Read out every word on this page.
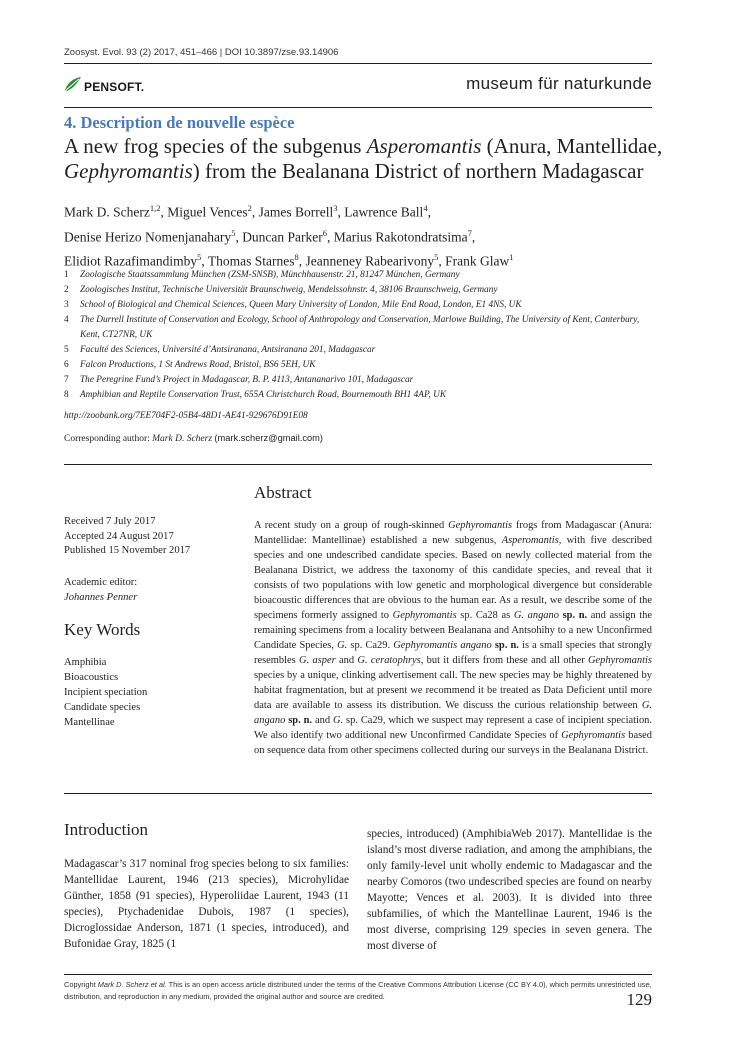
Zoosyst. Evol. 93 (2) 2017, 451–466 | DOI 10.3897/zse.93.14906
PENSOFT.	museum für naturkunde
4. Description de nouvelle espèce
A new frog species of the subgenus Asperomantis (Anura, Mantellidae,
Gephyromantis) from the Bealanana District of northern Madagascar
Mark D. Scherz$^{1,2}$, Miguel Vences$^2$, James Borrell$^3$, Lawrence Ball$^4$,
Denise Herizo Nomenjanahary$^5$, Duncan Parker$^6$, Marius Rakotondratsima$^7$,
Elidiot Razafimandimby$^5$, Thomas Starnes$^8$, Jeanneney Rabearivony$^5$, Frank Glaw$^1$
1	Zoologische Staatssammlung München (ZSM-SNSB), Münchhausenstr. 21, 81247 München, Germany
2	Zoologisches Institut, Technische Universität Braunschweig, Mendelssohnstr. 4, 38106 Braunschweig, Germany
3	School of Biological and Chemical Sciences, Queen Mary University of London, Mile End Road, London, E1 4NS, UK
4	The Durrell Institute of Conservation and Ecology, School of Anthropology and Conservation, Marlowe Building, The University of Kent, Canterbury, Kent, CT27NR, UK
5	Faculté des Sciences, Université d’Antsiranana, Antsiranana 201, Madagascar
6	Falcon Productions, 1 St Andrews Road, Bristol, BS6 5EH, UK
7	The Peregrine Fund’s Project in Madagascar, B. P. 4113, Antananarivo 101, Madagascar
8	Amphibian and Reptile Conservation Trust, 655A Christchurch Road, Bournemouth BH1 4AP, UK
http://zoobank.org/7EE704F2-05B4-48D1-AE41-929676D91E08
Corresponding author: Mark D. Scherz (mark.scherz@gmail.com)
Abstract
A recent study on a group of rough-skinned Gephyromantis frogs from Madagascar (Anura: Mantellidae: Mantellinae) established a new subgenus, Asperomantis, with five described species and one undescribed candidate species. Based on newly collected material from the Bealanana District, we address the taxonomy of this candidate species, and reveal that it consists of two populations with low genetic and morphological divergence but considerable bioacoustic differences that are obvious to the human ear. As a result, we describe some of the specimens formerly assigned to Gephyromantis sp. Ca28 as G. angano sp. n. and assign the remaining specimens from a locality between Bealanana and Antsohihy to a new Unconfirmed Candidate Species, G. sp. Ca29. Gephyromantis angano sp. n. is a small species that strongly resembles G. asper and G. ceratophrys, but it differs from these and all other Gephyromantis species by a unique, clinking advertisement call. The new species may be highly threatened by habitat fragmentation, but at present we recommend it be treated as Data Deficient until more data are available to assess its distribution. We discuss the curious relationship between G. angano sp. n. and G. sp. Ca29, which we suspect may represent a case of incipient speciation. We also identify two additional new Unconfirmed Candidate Species of Gephyromantis based on sequence data from other specimens collected during our surveys in the Bealanana District.
Received 7 July 2017
Accepted 24 August 2017
Published 15 November 2017
Academic editor:
Johannes Penner
Key Words
Amphibia
Bioacoustics
Incipient speciation
Candidate species
Mantellinae
Introduction
Madagascar’s 317 nominal frog species belong to six families: Mantellidae Laurent, 1946 (213 species), Microhylidae Günther, 1858 (91 species), Hyperoliidae Laurent, 1943 (11 species), Ptychadenidae Dubois, 1987 (1 species), Dicroglossidae Anderson, 1871 (1 species, introduced), and Bufonidae Gray, 1825 (1
species, introduced) (AmphibiaWeb 2017). Mantellidae is the island’s most diverse radiation, and among the amphibians, the only family-level unit wholly endemic to Madagascar and the nearby Comoros (two undescribed species are found on nearby Mayotte; Vences et al. 2003). It is divided into three subfamilies, of which the Mantellinae Laurent, 1946 is the most diverse, comprising 129 species in seven genera. The most diverse of
Copyright Mark D. Scherz et al. This is an open access article distributed under the terms of the Creative Commons Attribution License (CC BY 4.0), which permits unrestricted use, distribution, and reproduction in any medium, provided the original author and source are credited.	129
